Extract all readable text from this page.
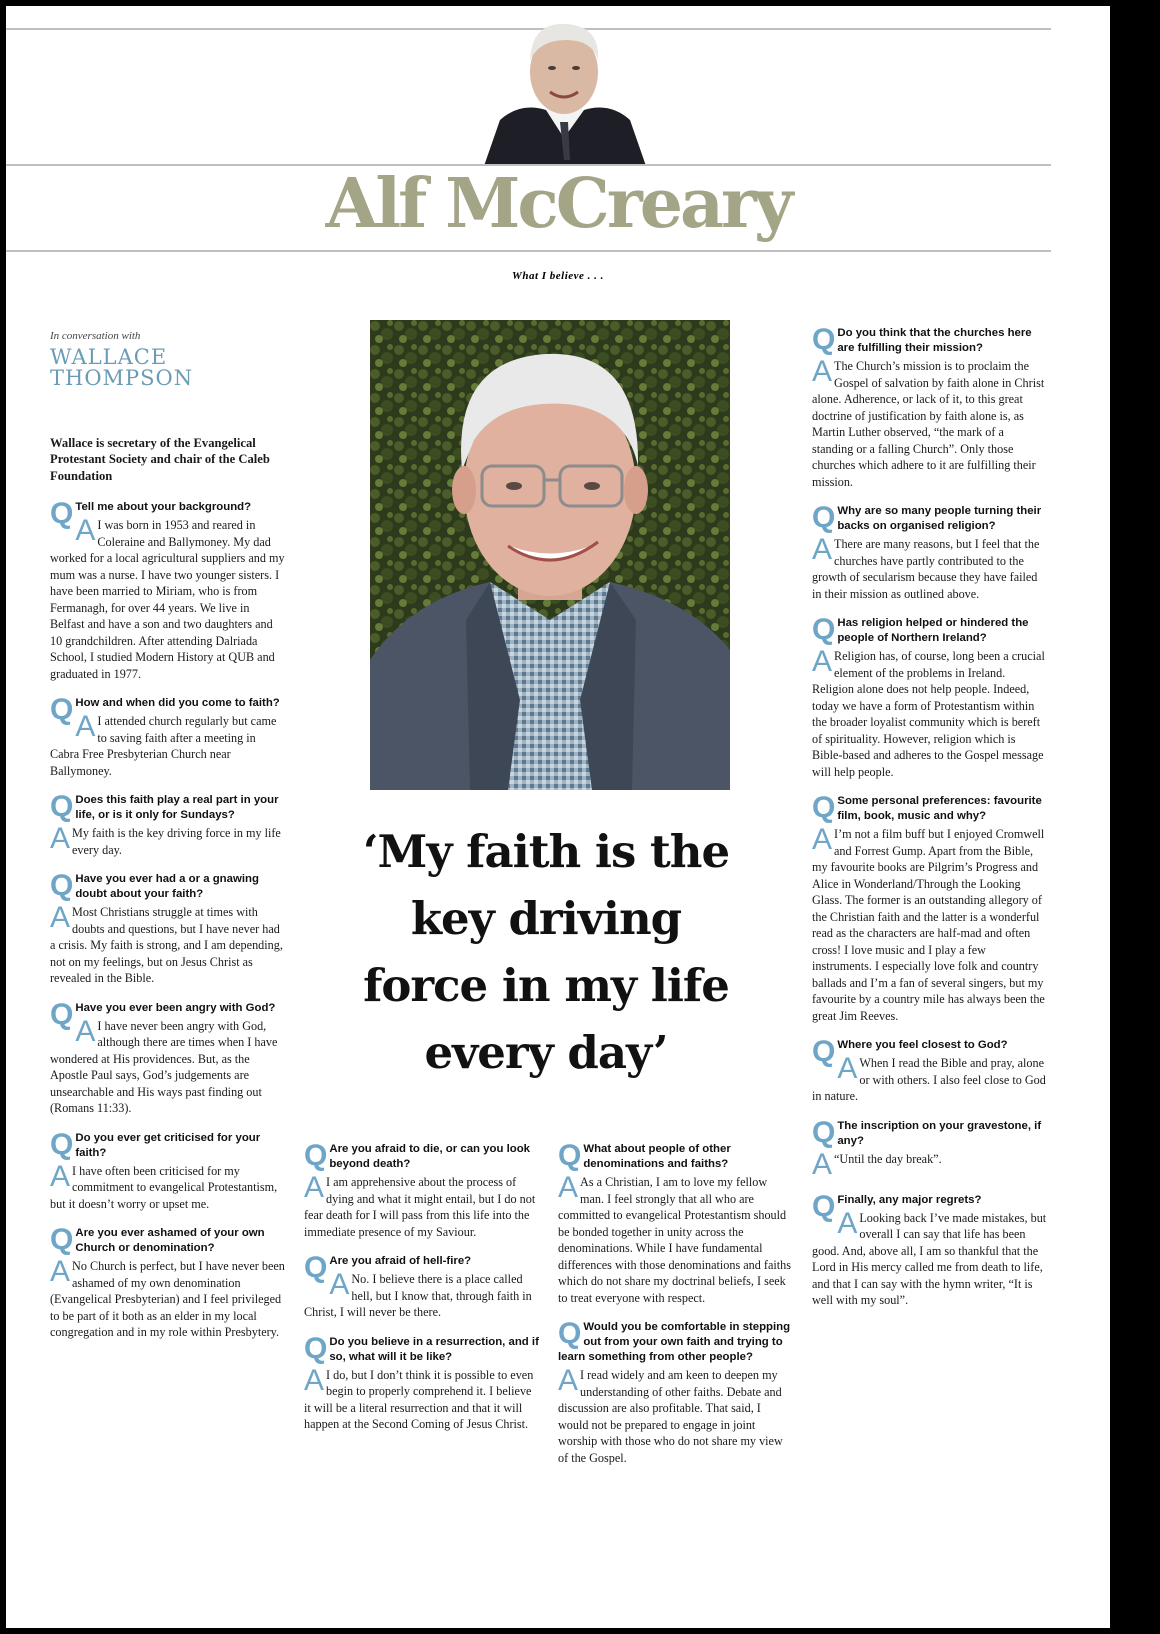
Alf McCreary
What I believe . . .
In conversation with
WALLACE
THOMPSON
Wallace is secretary of the Evangelical Protestant Society and chair of the Caleb Foundation
Q Tell me about your background?
A I was born in 1953 and reared in Coleraine and Ballymoney. My dad worked for a local agricultural suppliers and my mum was a nurse. I have two younger sisters. I have been married to Miriam, who is from Fermanagh, for over 44 years. We live in Belfast and have a son and two daughters and 10 grandchildren. After attending Dalriada School, I studied Modern History at QUB and graduated in 1977.
Q How and when did you come to faith?
A I attended church regularly but came to saving faith after a meeting in Cabra Free Presbyterian Church near Ballymoney.
Q Does this faith play a real part in your life, or is it only for Sundays?
A My faith is the key driving force in my life every day.
Q Have you ever had a or a gnawing doubt about your faith?
A Most Christians struggle at times with doubts and questions, but I have never had a crisis. My faith is strong, and I am depending, not on my feelings, but on Jesus Christ as revealed in the Bible.
Q Have you ever been angry with God?
A I have never been angry with God, although there are times when I have wondered at His providences. But, as the Apostle Paul says, God’s judgements are unsearchable and His ways past finding out (Romans 11:33).
Q Do you ever get criticised for your faith?
A I have often been criticised for my commitment to evangelical Protestantism, but it doesn’t worry or upset me.
Q Are you ever ashamed of your own Church or denomination?
A No Church is perfect, but I have never been ashamed of my own denomination (Evangelical Presbyterian) and I feel privileged to be part of it both as an elder in my local congregation and in my role within Presbytery.
‘My faith is the key driving force in my life every day’
Q Are you afraid to die, or can you look beyond death?
A I am apprehensive about the process of dying and what it might entail, but I do not fear death for I will pass from this life into the immediate presence of my Saviour.
Q Are you afraid of hell-fire?
A No. I believe there is a place called hell, but I know that, through faith in Christ, I will never be there.
Q Do you believe in a resurrection, and if so, what will it be like?
A I do, but I don’t think it is possible to even begin to properly comprehend it. I believe it will be a literal resurrection and that it will happen at the Second Coming of Jesus Christ.
Q What about people of other denominations and faiths?
A As a Christian, I am to love my fellow man. I feel strongly that all who are committed to evangelical Protestantism should be bonded together in unity across the denominations. While I have fundamental differences with those denominations and faiths which do not share my doctrinal beliefs, I seek to treat everyone with respect.
Q Would you be comfortable in stepping out from your own faith and trying to learn something from other people?
A I read widely and am keen to deepen my understanding of other faiths. Debate and discussion are also profitable. That said, I would not be prepared to engage in joint worship with those who do not share my view of the Gospel.
Q Do you think that the churches here are fulfilling their mission?
A The Church’s mission is to proclaim the Gospel of salvation by faith alone in Christ alone. Adherence, or lack of it, to this great doctrine of justification by faith alone is, as Martin Luther observed, “the mark of a standing or a falling Church”. Only those churches which adhere to it are fulfilling their mission.
Q Why are so many people turning their backs on organised religion?
A There are many reasons, but I feel that the churches have partly contributed to the growth of secularism because they have failed in their mission as outlined above.
Q Has religion helped or hindered the people of Northern Ireland?
A Religion has, of course, long been a crucial element of the problems in Ireland. Religion alone does not help people. Indeed, today we have a form of Protestantism within the broader loyalist community which is bereft of spirituality. However, religion which is Bible-based and adheres to the Gospel message will help people.
Q Some personal preferences: favourite film, book, music and why?
A I’m not a film buff but I enjoyed Cromwell and Forrest Gump. Apart from the Bible, my favourite books are Pilgrim’s Progress and Alice in Wonderland/Through the Looking Glass. The former is an outstanding allegory of the Christian faith and the latter is a wonderful read as the characters are half-mad and often cross! I love music and I play a few instruments. I especially love folk and country ballads and I’m a fan of several singers, but my favourite by a country mile has always been the great Jim Reeves.
Q Where you feel closest to God?
A When I read the Bible and pray, alone or with others. I also feel close to God in nature.
Q The inscription on your gravestone, if any?
A “Until the day break”.
Q Finally, any major regrets?
A Looking back I’ve made mistakes, but overall I can say that life has been good. And, above all, I am so thankful that the Lord in His mercy called me from death to life, and that I can say with the hymn writer, “It is well with my soul”.
